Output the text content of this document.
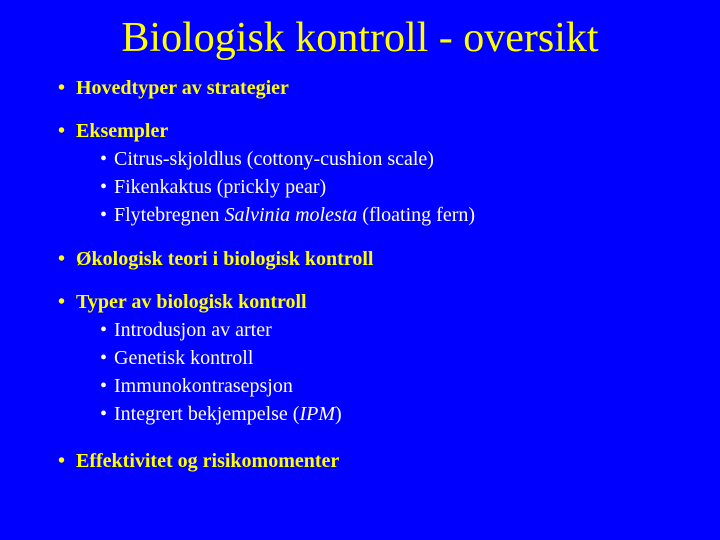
Biologisk kontroll - oversikt
• Hovedtyper av strategier
• Eksempler
• Citrus-skjoldlus (cottony-cushion scale)
• Fikenkaktus (prickly pear)
• Flytebregnen Salvinia molesta (floating fern)
• Økologisk teori i biologisk kontroll
• Typer av biologisk kontroll
• Introdusjon av arter
• Genetisk kontroll
• Immunokontrasepsjon
• Integrert bekjempelse (IPM)
• Effektivitet og risikomomenter
